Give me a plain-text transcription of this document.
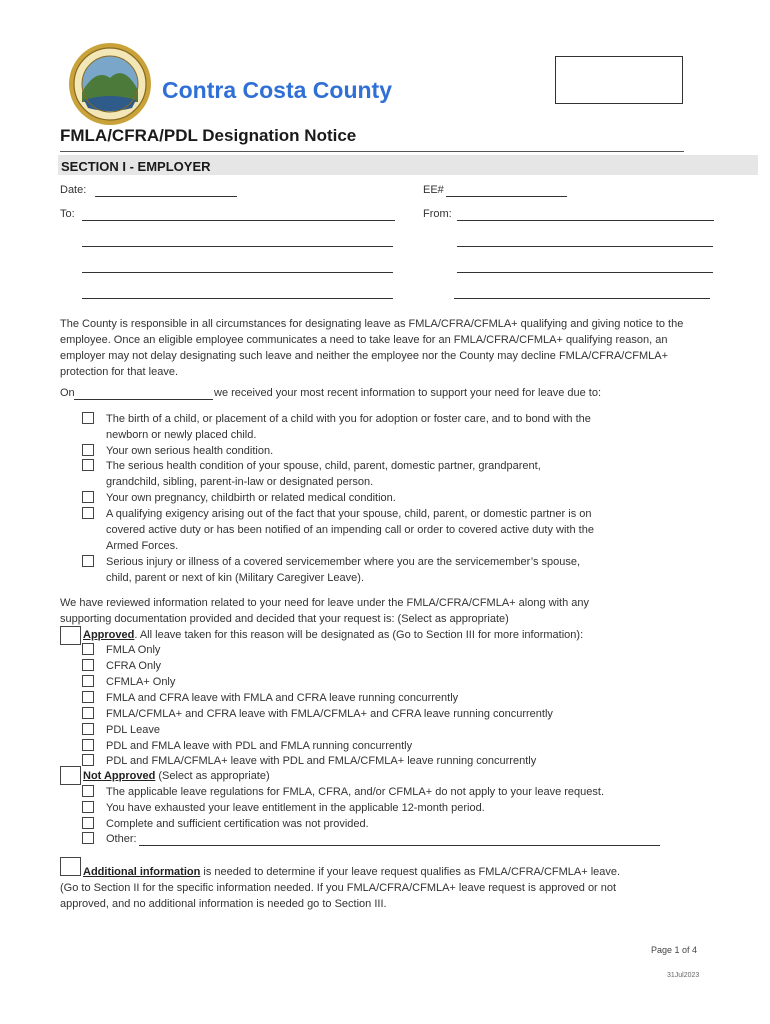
Contra Costa County
FMLA/CFRA/PDL Designation Notice
SECTION I - EMPLOYER
Date:	EE#
To:	From:
The County is responsible in all circumstances for designating leave as FMLA/CFRA/CFMLA+ qualifying and giving notice to the employee. Once an eligible employee communicates a need to take leave for an FMLA/CFRA/CFMLA+ qualifying reason, an employer may not delay designating such leave and neither the employee nor the County may decline FMLA/CFRA/CFMLA+ protection for that leave.
On	we received your most recent information to support your need for leave due to:
The birth of a child, or placement of a child with you for adoption or foster care, and to bond with the
newborn or newly placed child.
Your own serious health condition.
The serious health condition of your spouse, child, parent, domestic partner, grandparent,
grandchild, sibling, parent-in-law or designated person.
Your own pregnancy, childbirth or related medical condition.
A qualifying exigency arising out of the fact that your spouse, child, parent, or domestic partner is on
covered active duty or has been notified of an impending call or order to covered active duty with the
Armed Forces.
Serious injury or illness of a covered servicemember where you are the servicemember’s spouse,
child, parent or next of kin (Military Caregiver Leave).
We have reviewed information related to your need for leave under the FMLA/CFRA/CFMLA+ along with any
supporting documentation provided and decided that your request is: (Select as appropriate)
Approved. All leave taken for this reason will be designated as (Go to Section III for more information):
FMLA Only
CFRA Only
CFMLA+ Only
FMLA and CFRA leave with FMLA and CFRA leave running concurrently
FMLA/CFMLA+ and CFRA leave with FMLA/CFMLA+ and CFRA leave running concurrently
PDL Leave
PDL and FMLA leave with PDL and FMLA running concurrently
PDL and FMLA/CFMLA+ leave with PDL and FMLA/CFMLA+ leave running concurrently
Not Approved (Select as appropriate)
The applicable leave regulations for FMLA, CFRA, and/or CFMLA+ do not apply to your leave request.
You have exhausted your leave entitlement in the applicable 12-month period.
Complete and sufficient certification was not provided.
Other:
Additional information is needed to determine if your leave request qualifies as FMLA/CFRA/CFMLA+ leave.
(Go to Section II for the specific information needed. If you FMLA/CFRA/CFMLA+ leave request is approved or not
approved, and no additional information is needed go to Section III.
Page 1 of 4
31Jul2023
